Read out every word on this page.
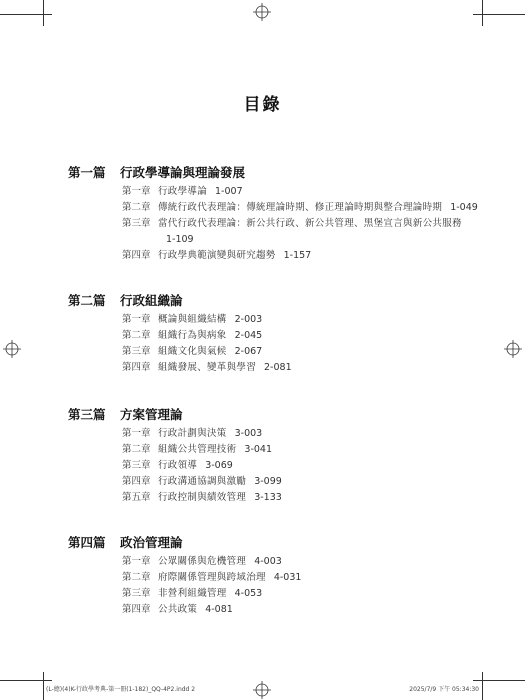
目錄
第一篇 行政學導論與理論發展
第一章 行政學導論 1-007
第二章 傳統行政代表理論：傳統理論時期、修正理論時期與整合理論時期 1-049
第三章 當代行政代表理論：新公共行政、新公共管理、黑堡宣言與新公共服務1-109
第四章 行政學典範演變與研究趨勢 1-157
第二篇 行政組織論
第一章 概論與組織結構 2-003
第二章 組織行為與病象 2-045
第三章 組織文化與氣候 2-067
第四章 組織發展、變革與學習 2-081
第三篇 方案管理論
第一章 行政計劃與決策 3-003
第二章 組織公共管理技術 3-041
第三章 行政領導 3-069
第四章 行政溝通協調與激勵 3-099
第五章 行政控制與績效管理 3-133
第四篇 政治管理論
第一章 公眾關係與危機管理 4-003
第二章 府際關係管理與跨域治理 4-031
第三章 非營利組織管理 4-053
第四章 公共政策 4-081
(L-總)(4)K-行政學考典-第一冊(1-182)_QQ-4P2.indd 2	2025/7/9 下午 05:34:30
